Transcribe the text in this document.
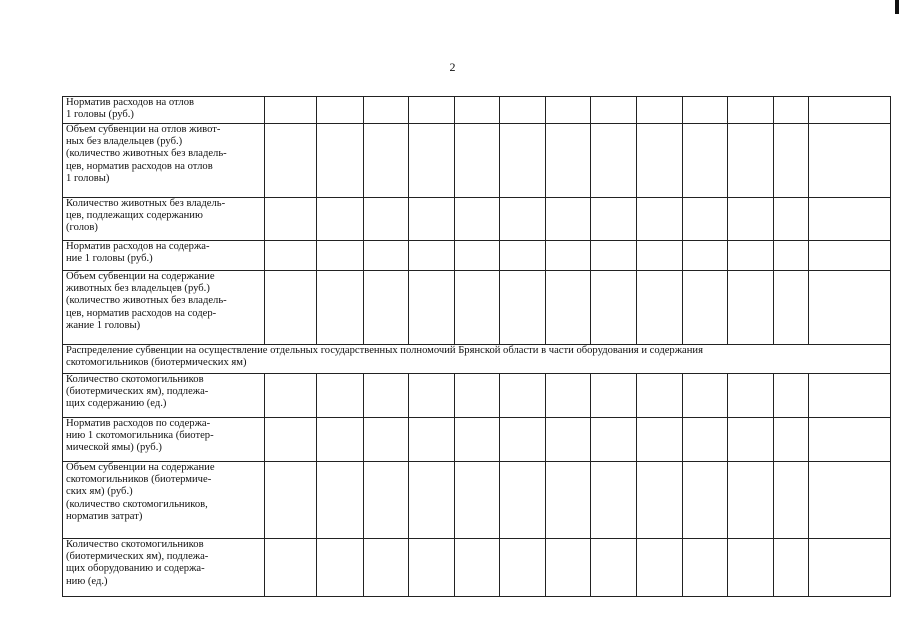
2
Норматив расходов на отлов
1 головы (руб.)													

Объем субвенции на отлов живот-
ных без владельцев (руб.)
(количество животных без владель-
цев, норматив расходов на отлов
1 головы)													

Количество животных без владель-
цев, подлежащих содержанию
(голов)													

Норматив расходов на содержа-
ние 1 головы (руб.)													

Объем субвенции на содержание
животных без владельцев (руб.)
(количество животных без владель-
цев, норматив расходов на содер-
жание 1 головы)													

Распределение субвенции на осуществление отдельных государственных полномочий Брянской области в части оборудования и содержания
скотомогильников (биотермических ям)													

Количество скотомогильников
(биотермических ям), подлежа-
щих содержанию (ед.)													

Норматив расходов по содержа-
нию 1 скотомогильника (биотер-
мической ямы) (руб.)													

Объем субвенции на содержание
скотомогильников (биотермиче-
ских ям) (руб.)
(количество скотомогильников,
норматив затрат)													

Количество скотомогильников
(биотермических ям), подлежа-
щих оборудованию и содержа-
нию (ед.)													
